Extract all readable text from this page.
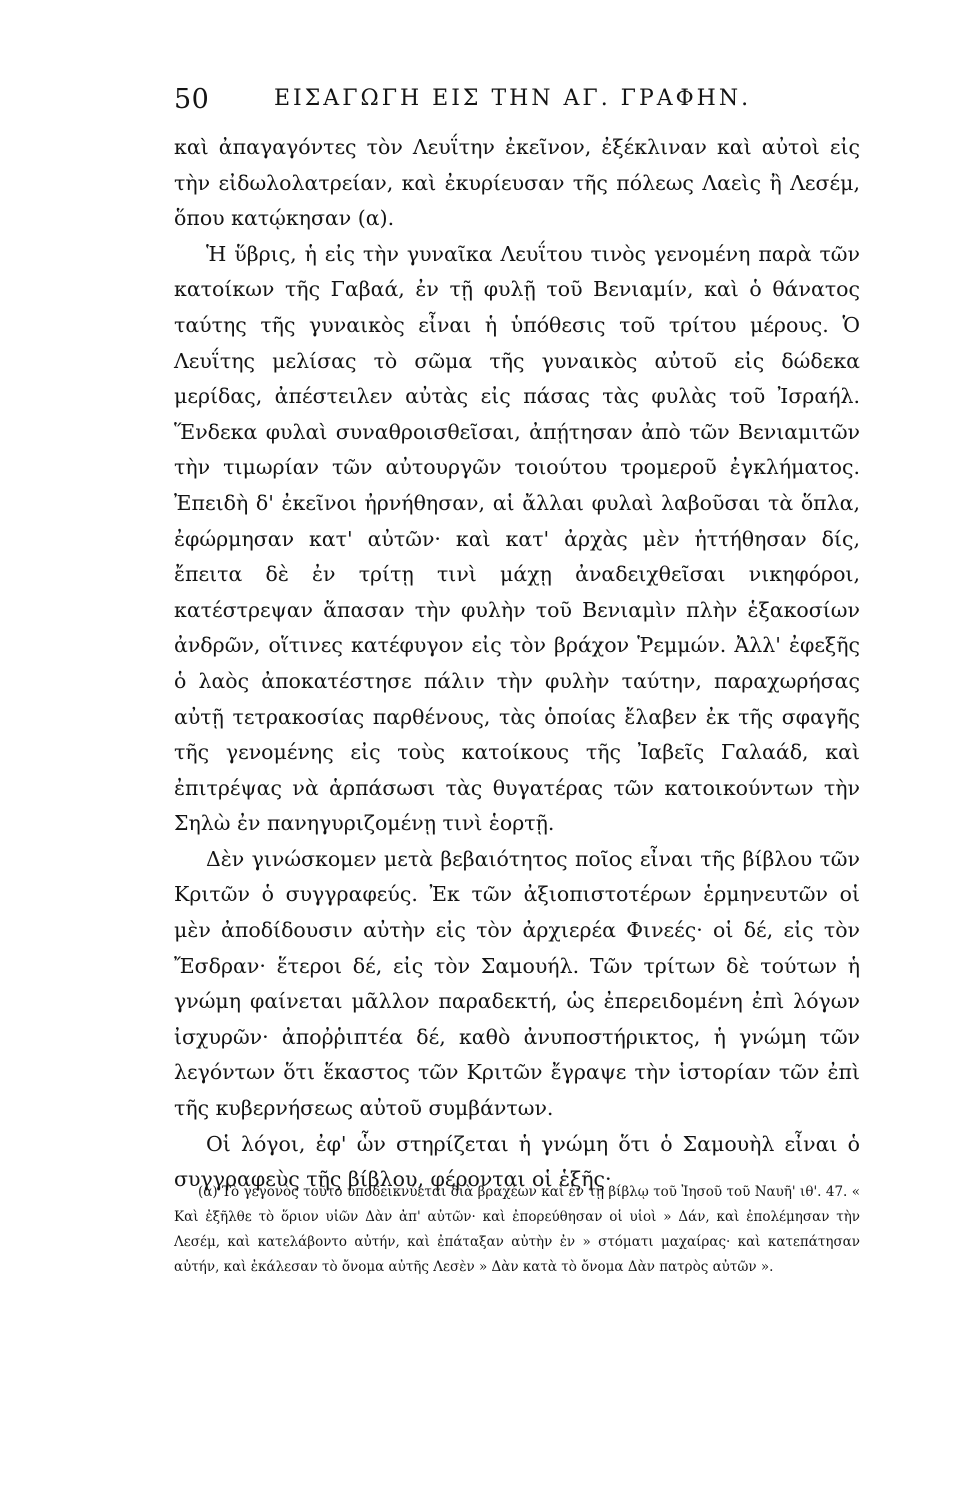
50	ΕΙΣΑΓΩΓΗ ΕΙΣ ΤΗΝ ΑΓ. ΓΡΑΦΗΝ.

καὶ ἀπαγαγόντες τὸν Λευΐτην ἐκεῖνον, ἐξέκλιναν καὶ αὐτοὶ εἰς τὴν εἰδωλολατρείαν, καὶ ἐκυρίευσαν τῆς πόλεως Λαεὶς ἢ Λεσέμ, ὅπου κατῴκησαν (α).

Ἡ ὕβρις, ἡ εἰς τὴν γυναῖκα Λευΐτου τινὸς γενομένη παρὰ τῶν κατοίκων τῆς Γαβαά, ἐν τῇ φυλῇ τοῦ Βενιαμίν, καὶ ὁ θάνατος ταύτης τῆς γυναικὸς εἶναι ἡ ὑπόθεσις τοῦ τρίτου μέρους. Ὁ Λευΐτης μελίσας τὸ σῶμα τῆς γυναικὸς αὐτοῦ εἰς δώδεκα μερίδας, ἀπέστειλεν αὐτὰς εἰς πάσας τὰς φυλὰς τοῦ Ἰσραήλ. Ἕνδεκα φυλαὶ συναθροισθεῖσαι, ἀπῄτησαν ἀπὸ τῶν Βενιαμιτῶν τὴν τιμωρίαν τῶν αὐτουργῶν τοιούτου τρομεροῦ ἐγκλήματος. Ἐπειδὴ δ' ἐκεῖνοι ἠρνήθησαν, αἱ ἄλλαι φυλαὶ λαβοῦσαι τὰ ὅπλα, ἐφώρμησαν κατ' αὐτῶν· καὶ κατ' ἀρχὰς μὲν ἡττήθησαν δίς, ἔπειτα δὲ ἐν τρίτῃ τινὶ μάχῃ ἀναδειχθεῖσαι νικηφόροι, κατέστρεψαν ἅπασαν τὴν φυλὴν τοῦ Βενιαμὶν πλὴν ἑξακοσίων ἀνδρῶν, οἵτινες κατέφυγον εἰς τὸν βράχον Ῥεμμών. Ἀλλ' ἐφεξῆς ὁ λαὸς ἀποκατέστησε πάλιν τὴν φυλὴν ταύτην, παραχωρήσας αὐτῇ τετρακοσίας παρθένους, τὰς ὁποίας ἔλαβεν ἐκ τῆς σφαγῆς τῆς γενομένης εἰς τοὺς κατοίκους τῆς Ἰαβεῖς Γαλαάδ, καὶ ἐπιτρέψας νὰ ἁρπάσωσι τὰς θυγατέρας τῶν κατοικούντων τὴν Σηλὼ ἐν πανηγυριζομένῃ τινὶ ἑορτῇ.

Δὲν γινώσκομεν μετὰ βεβαιότητος ποῖος εἶναι τῆς βίβλου τῶν Κριτῶν ὁ συγγραφεύς. Ἐκ τῶν ἀξιοπιστοτέρων ἑρμηνευτῶν οἱ μὲν ἀποδίδουσιν αὐτὴν εἰς τὸν ἀρχιερέα Φινεές· οἱ δέ, εἰς τὸν Ἔσδραν· ἕτεροι δέ, εἰς τὸν Σαμουήλ. Τῶν τρίτων δὲ τούτων ἡ γνώμη φαίνεται μᾶλλον παραδεκτή, ὡς ἐπερειδομένη ἐπὶ λόγων ἰσχυρῶν· ἀποῤῥιπτέα δέ, καθὸ ἀνυποστήρικτος, ἡ γνώμη τῶν λεγόντων ὅτι ἕκαστος τῶν Κριτῶν ἔγραψε τὴν ἱστορίαν τῶν ἐπὶ τῆς κυβερνήσεως αὐτοῦ συμβάντων.

Οἱ λόγοι, ἐφ' ὧν στηρίζεται ἡ γνώμη ὅτι ὁ Σαμουὴλ εἶναι ὁ συγγραφεὺς τῆς βίβλου, φέρονται οἱ ἑξῆς·

(α) Τὸ γεγονὸς τοῦτο ὑποδεικνύεται διὰ βραχέων καὶ ἐν τῇ βίβλῳ τοῦ Ἰησοῦ τοῦ Ναυῆ' ιθ'. 47. « Καὶ ἐξῆλθε τὸ ὅριον υἱῶν Δὰν ἀπ' αὐτῶν· καὶ ἐπορεύθησαν οἱ υἱοὶ » Δάν, καὶ ἐπολέμησαν τὴν Λεσέμ, καὶ κατελάβοντο αὐτήν, καὶ ἐπάταξαν αὐτὴν ἐν » στόματι μαχαίρας· καὶ κατεπάτησαν αὐτήν, καὶ ἐκάλεσαν τὸ ὄνομα αὐτῆς Λεσὲν » Δὰν κατὰ τὸ ὄνομα Δὰν πατρὸς αὐτῶν ».
